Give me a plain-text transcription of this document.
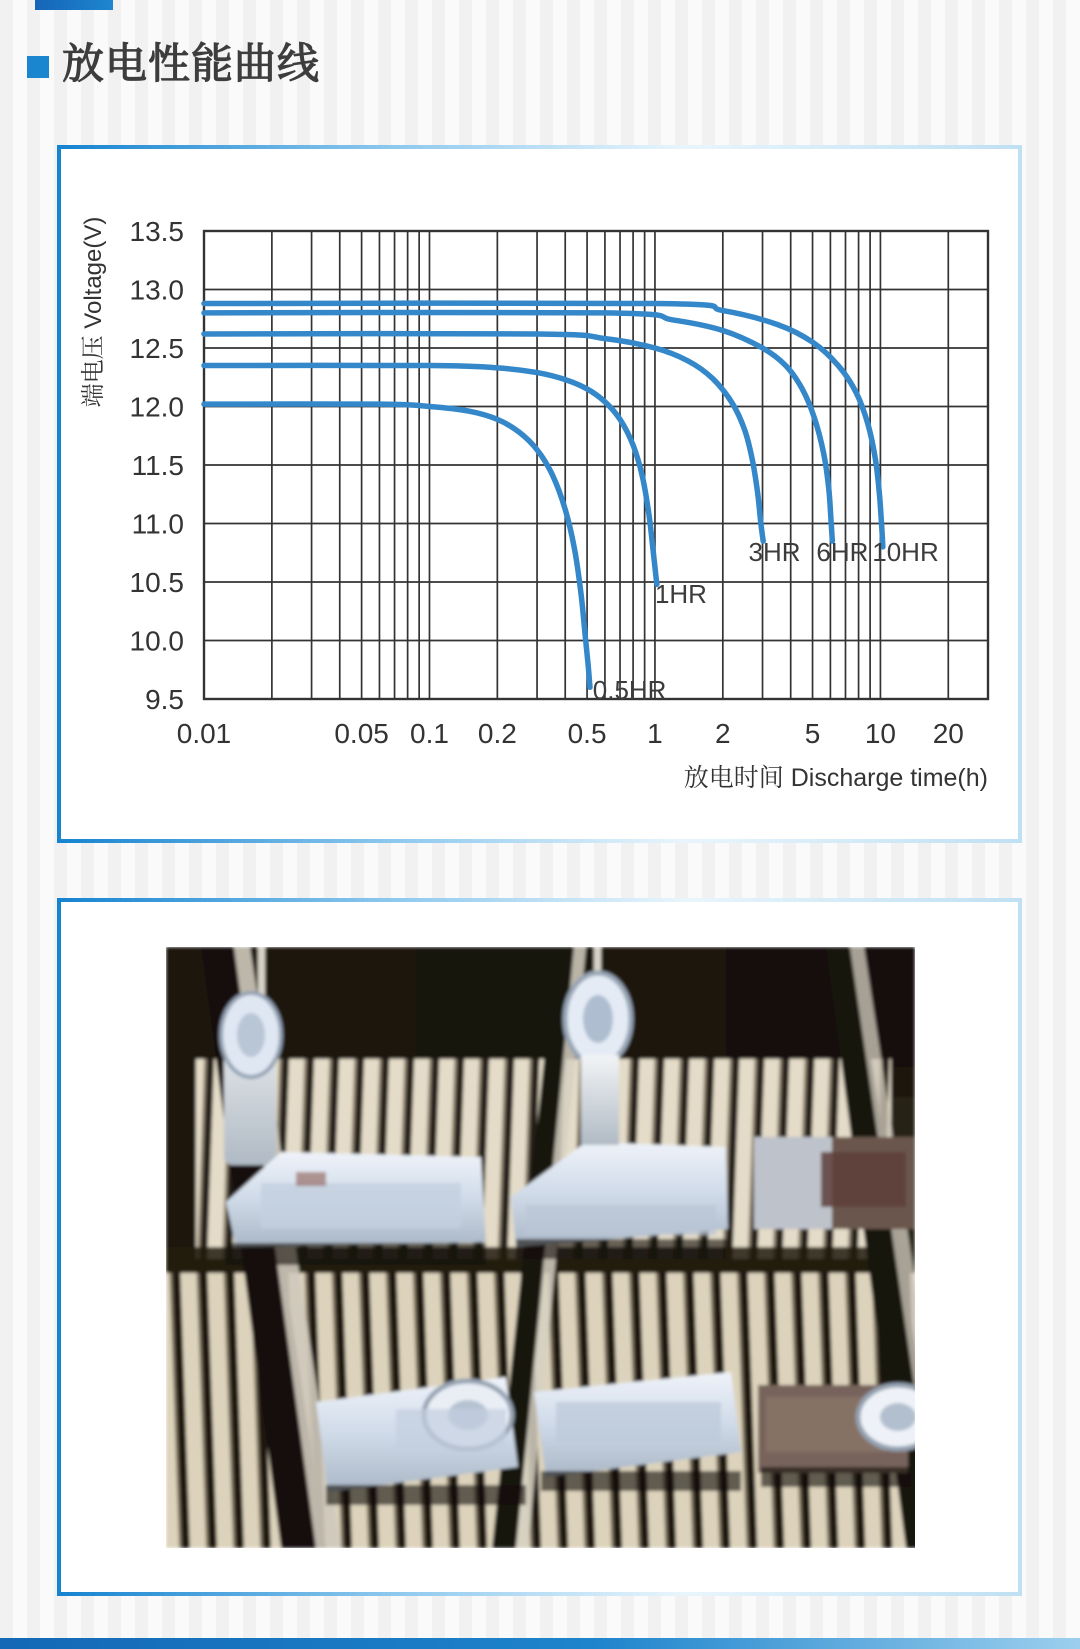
放电性能曲线
0.01	0.05 0.1 0.2 0.5 1 2	5 10 20
13.5
13.0
12.5
12.0
11.5
11.0
10.5
10.0
9.5	0.5HR
1HR
3HR 6HR 10HR
放电时间 Discharge time(h)
端电压 Voltage(V)
